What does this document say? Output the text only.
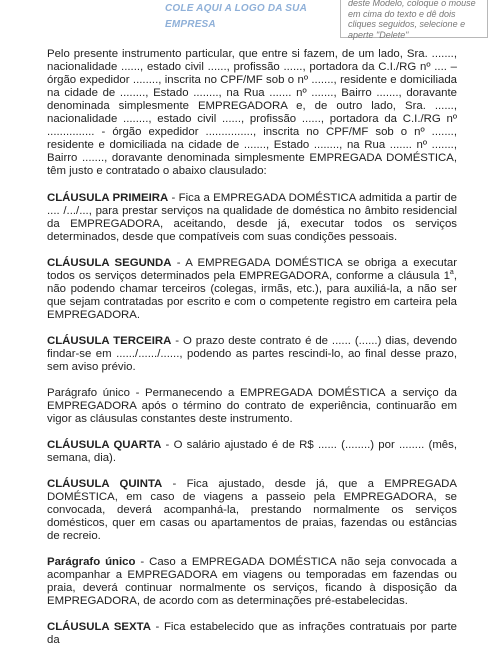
COLE AQUI A LOGO DA SUA EMPRESA
deste Modelo, coloque o mouse em cima do texto e dê dois cliques seguidos, selecione e aperte "Delete"

Pelo presente instrumento particular, que entre si fazem, de um lado, Sra. ......., nacionalidade ......, estado civil ......, profissão ......, portadora da C.I./RG nº .... – órgão expedidor ........, inscrita no CPF/MF sob o nº ......., residente e domiciliada na cidade de ........, Estado ........, na Rua ....... nº ......., Bairro ......., doravante denominada simplesmente EMPREGADORA e, de outro lado, Sra. ......, nacionalidade ........, estado civil ......, profissão ......, portadora da C.I./RG nº ............... - órgão expedidor ..............., inscrita no CPF/MF sob o nº ......., residente e domiciliada na cidade de ......., Estado ........, na Rua ....... nº ......., Bairro ......., doravante denominada simplesmente EMPREGADA DOMÉSTICA, têm justo e contratado o abaixo clausulado:

CLÁUSULA PRIMEIRA - Fica a EMPREGADA DOMÉSTICA admitida a partir de .... /.../..., para prestar serviços na qualidade de doméstica no âmbito residencial da EMPREGADORA, aceitando, desde já, executar todos os serviços determinados, desde que compatíveis com suas condições pessoais.

CLÁUSULA SEGUNDA - A EMPREGADA DOMÉSTICA se obriga a executar todos os serviços determinados pela EMPREGADORA, conforme a cláusula 1$^a$, não podendo chamar terceiros (colegas, irmãs, etc.), para auxiliá-la, a não ser que sejam contratadas por escrito e com o competente registro em carteira pela EMPREGADORA.

CLÁUSULA TERCEIRA - O prazo deste contrato é de ...... (......) dias, devendo findar-se em ....../....../......, podendo as partes rescindi-lo, ao final desse prazo, sem aviso prévio.

Parágrafo único - Permanecendo a EMPREGADA DOMÉSTICA a serviço da EMPREGADORA após o término do contrato de experiência, continuarão em vigor as cláusulas constantes deste instrumento.

CLÁUSULA QUARTA - O salário ajustado é de R$ ...... (........) por ........ (mês, semana, dia).

CLÁUSULA QUINTA - Fica ajustado, desde já, que a EMPREGADA DOMÉSTICA, em caso de viagens a passeio pela EMPREGADORA, se convocada, deverá acompanhá-la, prestando normalmente os serviços domésticos, quer em casas ou apartamentos de praias, fazendas ou estâncias de recreio.

Parágrafo único - Caso a EMPREGADA DOMÉSTICA não seja convocada a acompanhar a EMPREGADORA em viagens ou temporadas em fazendas ou praia, deverá continuar normalmente os serviços, ficando à disposição da EMPREGADORA, de acordo com as determinações pré-estabelecidas.

CLÁUSULA SEXTA - Fica estabelecido que as infrações contratuais por parte da
